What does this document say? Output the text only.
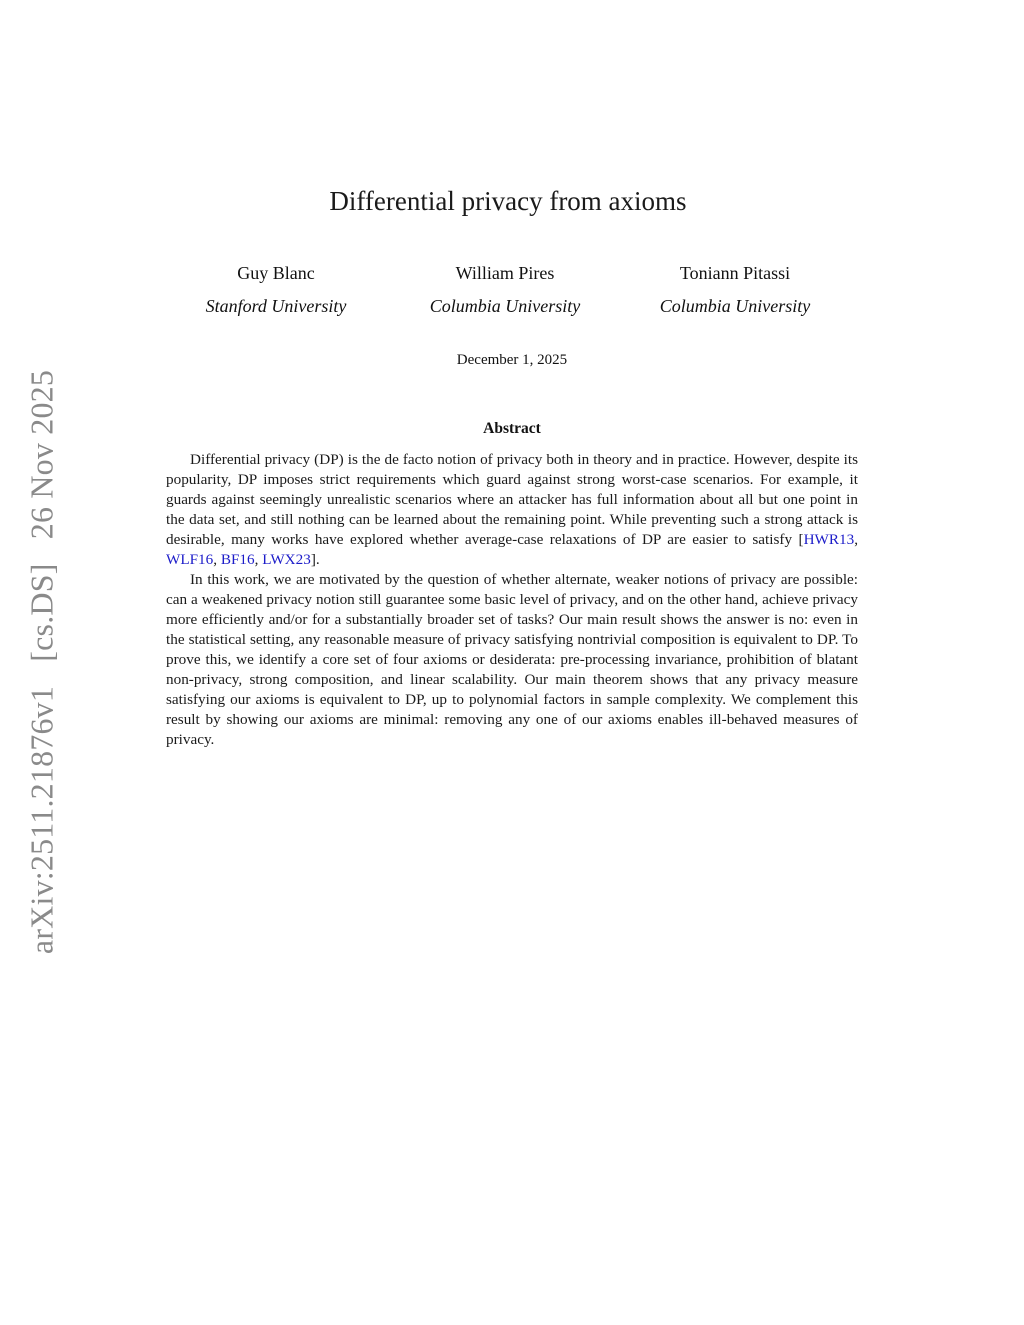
arXiv:2511.21876v1 [cs.DS] 26 Nov 2025
Differential privacy from axioms
Guy Blanc
Stanford University
William Pires
Columbia University
Toniann Pitassi
Columbia University
December 1, 2025
Abstract

Differential privacy (DP) is the de facto notion of privacy both in theory and in practice. However, despite its popularity, DP imposes strict requirements which guard against strong worst-case scenarios. For example, it guards against seemingly unrealistic scenarios where an attacker has full information about all but one point in the data set, and still nothing can be learned about the remaining point. While preventing such a strong attack is desirable, many works have explored whether average-case relaxations of DP are easier to satisfy [HWR13, WLF16, BF16, LWX23].

In this work, we are motivated by the question of whether alternate, weaker notions of privacy are possible: can a weakened privacy notion still guarantee some basic level of privacy, and on the other hand, achieve privacy more efficiently and/or for a substantially broader set of tasks? Our main result shows the answer is no: even in the statistical setting, any reasonable measure of privacy satisfying nontrivial composition is equivalent to DP. To prove this, we identify a core set of four axioms or desiderata: pre-processing invariance, prohibition of blatant non-privacy, strong composition, and linear scalability. Our main theorem shows that any privacy measure satisfying our axioms is equivalent to DP, up to polynomial factors in sample complexity. We complement this result by showing our axioms are minimal: removing any one of our axioms enables ill-behaved measures of privacy.
